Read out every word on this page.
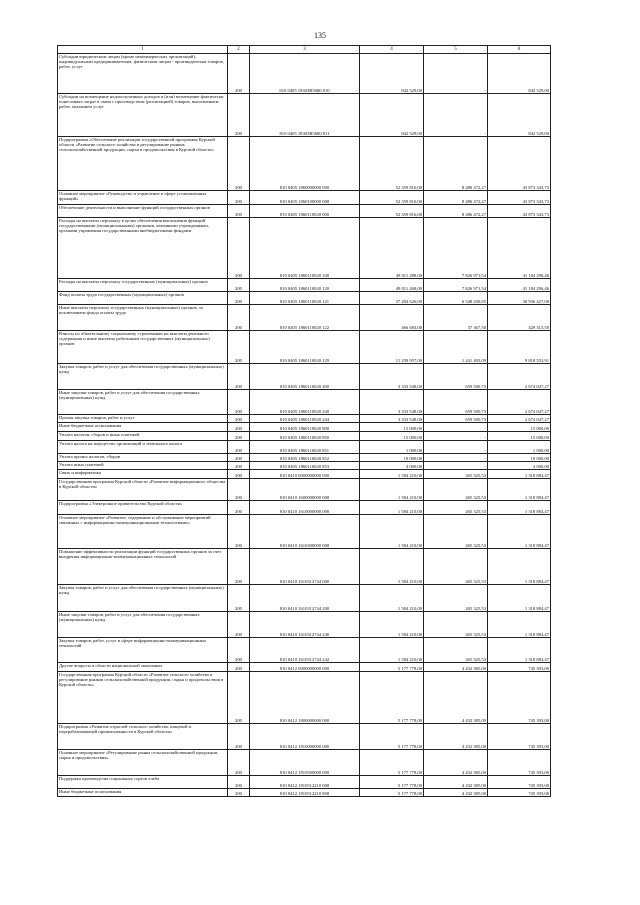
135
1	2	3	4	5	6
Субсидии юридическим лицам (кроме некоммерческих организаций), индивидуальным предпринимателям, физическим лицам - производителям товаров, работ, услуг	200	810 0405 18303R5680 810	842 529,00	-	842 529,00
Субсидии на возмещение недополученных доходов и (или) возмещение фактически понесенных затрат в связи с производством (реализацией) товаров, выполнением работ, оказанием услуг	200	810 0405 18303R5680 811	842 529,00	-	842 529,00
Подпрограмма «Обеспечение реализации государственной программы Курской области «Развитие сельского хозяйства и регулирование рынков сельскохозяйственной продукции, сырья и продовольствия в Курской области»	200	810 0405 1860000000 000	52 359 816,00	8 486 472,27	43 873 343,73
Основное мероприятие «Руководство и управление в сфере установленных функций»	200	810 0405 1860100000 000	52 359 816,00	8 486 472,27	43 873 343,73
Обеспечение деятельности и выполнение функций государственных органов	200	810 0405 1860110020 000	52 359 816,00	8 486 472,27	43 873 343,73
Расходы на выплаты персоналу в целях обеспечения выполнения функций государственными (муниципальными) органами, казенными учреждениями, органами управления государственными внебюджетными фондами	200	810 0405 1860110020 100	49 011 288,00	7 826 971,54	41 184 296,46
Расходы на выплаты персоналу государственных (муниципальных) органов	200	810 0405 1860110020 120	49 011 268,00	7 826 971,54	41 184 296,46
Фонд оплаты труда государственных (муниципальных) органов	200	810 0405 1860110020 121	37 284 626,00	6 348 200,85	30 936 427,08
Иные выплаты персоналу государственных (муниципальных) органов, за исключением фонда оплаты труда	200	810 0405 1860110020 122	466 683,00	37 367,50	429 315,50
Взносы по обязательному социальному страхованию на выплаты денежного содержания и иные выплаты работникам государственных (муниципальных) органов	200	810 0405 1860110020 129	11 259 957,00	1 441 403,09	9 818 553,91
Закупка товаров, работ и услуг для обеспечения государственных (муниципальных) нужд	200	810 0405 1860110020 200	3 333 548,00	659 500,73	2 674 047,27
Иные закупки товаров, работ и услуг для обеспечения государственных (муниципальных) нужд	200	810 0405 1860110020 240	3 333 548,00	659 500,73	2 674 047,27
Прочая закупка товаров, работ и услуг	200	810 0405 1860110020 244	3 333 548,00	659 500,73	2 674 047,27
Иные бюджетные ассигнования	200	810 0405 1860110020 800	15 000,00	-	15 000,00
Уплата налогов, сборов и иных платежей	200	810 0405 1860110020 850	15 000,00	-	15 000,00
Уплата налога на имущество организаций и земельного налога	200	810 0405 1860110020 851	1 000,00	-	1 000,00
Уплата прочих налогов, сборов	200	810 0405 1860110020 852	10 000,00	-	10 000,00
Уплата иных платежей	200	810 0405 1860110020 853	4 000,00	-	4 000,00
Связь и информатика	200	810 0410 0000000000 000	1 584 210,00	265 325,53	1 318 884,47
Государственная программа Курской области «Развитие информационного общества в Курской области»	200	810 0410 1600000000 000	1 584 210,00	265 325,53	1 318 884,47
Подпрограмма «Электронное правительство Курской области»	200	810 0410 1610000000 000	1 584 210,00	265 325,53	1 318 884,47
Основное мероприятие «Развитие, содержание и обслуживание мероприятий связанных с информационно-коммуникационными технологиями»	200	810 0410 1610300000 000	1 584 210,00	265 325,53	1 318 884,47
Повышение эффективности реализации функций государственных органов за счет внедрения информационно-коммуникационных технологий	200	810 0410 1610312744 000	1 584 210,00	265 325,53	1 318 884,47
Закупка товаров, работ и услуг для обеспечения государственных (муниципальных) нужд	200	810 0410 1610312744 200	1 584 210,00	265 325,53	1 318 884,47
Иные закупки товаров, работ и услуг для обеспечения государственных (муниципальных) нужд	200	810 0410 1610312744 240	1 584 210,00	265 325,53	1 318 884,47
Закупка товаров, работ, услуг в сфере информационно-коммуникационных технологий	200	810 0410 1610312744 242	1 584 210,00	265 325,53	1 318 884,47
Другие вопросы в области национальной экономики	200	810 0412 0000000000 000	5 177 778,00	4 432 385,00	745 393,00
Государственная программа Курской области «Развитие сельского хозяйства и регулирование рынков сельскохозяйственной продукции, сырья и продовольствия в Курской области»	200	810 0412 1800000000 000	5 177 778,00	4 432 385,00	745 393,00
Подпрограмма «Развитие отраслей сельского хозяйства, пищевой и перерабатывающей промышленности в Курской области»	200	810 0412 1810000000 000	5 177 778,00	4 432 385,00	745 393,00
Основное мероприятие «Регулирование рынка сельскохозяйственной продукции, сырья и продовольствия»	200	810 0412 1810500000 000	5 177 778,00	4 432 385,00	745 393,00
Поддержка производства социальных сортов хлеба	200	810 0412 1810512210 000	5 177 778,00	4 432 385,00	745 393,00
Иные бюджетные ассигнования	200	810 0412 1810512210 800	5 177 778,00	4 432 385,00	745 393,00
